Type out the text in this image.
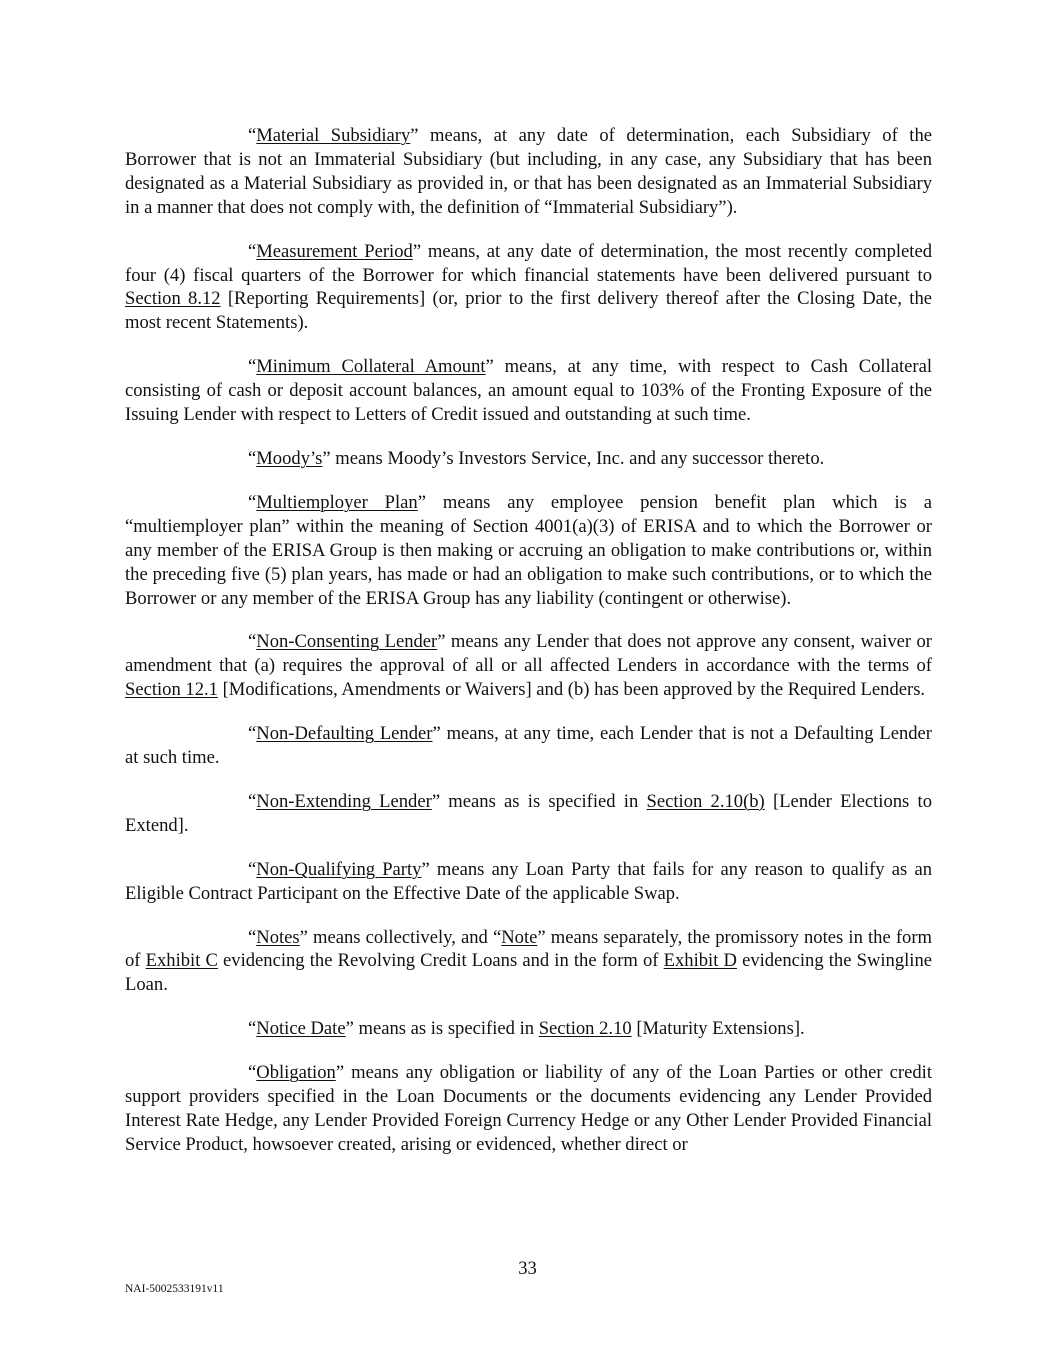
“Material Subsidiary” means, at any date of determination, each Subsidiary of the Borrower that is not an Immaterial Subsidiary (but including, in any case, any Subsidiary that has been designated as a Material Subsidiary as provided in, or that has been designated as an Immaterial Subsidiary in a manner that does not comply with, the definition of “Immaterial Subsidiary”).

“Measurement Period” means, at any date of determination, the most recently completed four (4) fiscal quarters of the Borrower for which financial statements have been delivered pursuant to Section 8.12 [Reporting Requirements] (or, prior to the first delivery thereof after the Closing Date, the most recent Statements).

“Minimum Collateral Amount” means, at any time, with respect to Cash Collateral consisting of cash or deposit account balances, an amount equal to 103% of the Fronting Exposure of the Issuing Lender with respect to Letters of Credit issued and outstanding at such time.

“Moody’s” means Moody’s Investors Service, Inc. and any successor thereto.

“Multiemployer Plan” means any employee pension benefit plan which is a “multiemployer plan” within the meaning of Section 4001(a)(3) of ERISA and to which the Borrower or any member of the ERISA Group is then making or accruing an obligation to make contributions or, within the preceding five (5) plan years, has made or had an obligation to make such contributions, or to which the Borrower or any member of the ERISA Group has any liability (contingent or otherwise).

“Non-Consenting Lender” means any Lender that does not approve any consent, waiver or amendment that (a) requires the approval of all or all affected Lenders in accordance with the terms of Section 12.1 [Modifications, Amendments or Waivers] and (b) has been approved by the Required Lenders.

“Non-Defaulting Lender” means, at any time, each Lender that is not a Defaulting Lender at such time.

“Non-Extending Lender” means as is specified in Section 2.10(b) [Lender Elections to Extend].

“Non-Qualifying Party” means any Loan Party that fails for any reason to qualify as an Eligible Contract Participant on the Effective Date of the applicable Swap.

“Notes” means collectively, and “Note” means separately, the promissory notes in the form of Exhibit C evidencing the Revolving Credit Loans and in the form of Exhibit D evidencing the Swingline Loan.

“Notice Date” means as is specified in Section 2.10 [Maturity Extensions].

“Obligation” means any obligation or liability of any of the Loan Parties or other credit support providers specified in the Loan Documents or the documents evidencing any Lender Provided Interest Rate Hedge, any Lender Provided Foreign Currency Hedge or any Other Lender Provided Financial Service Product, howsoever created, arising or evidenced, whether direct or

33
NAI-5002533191v11
